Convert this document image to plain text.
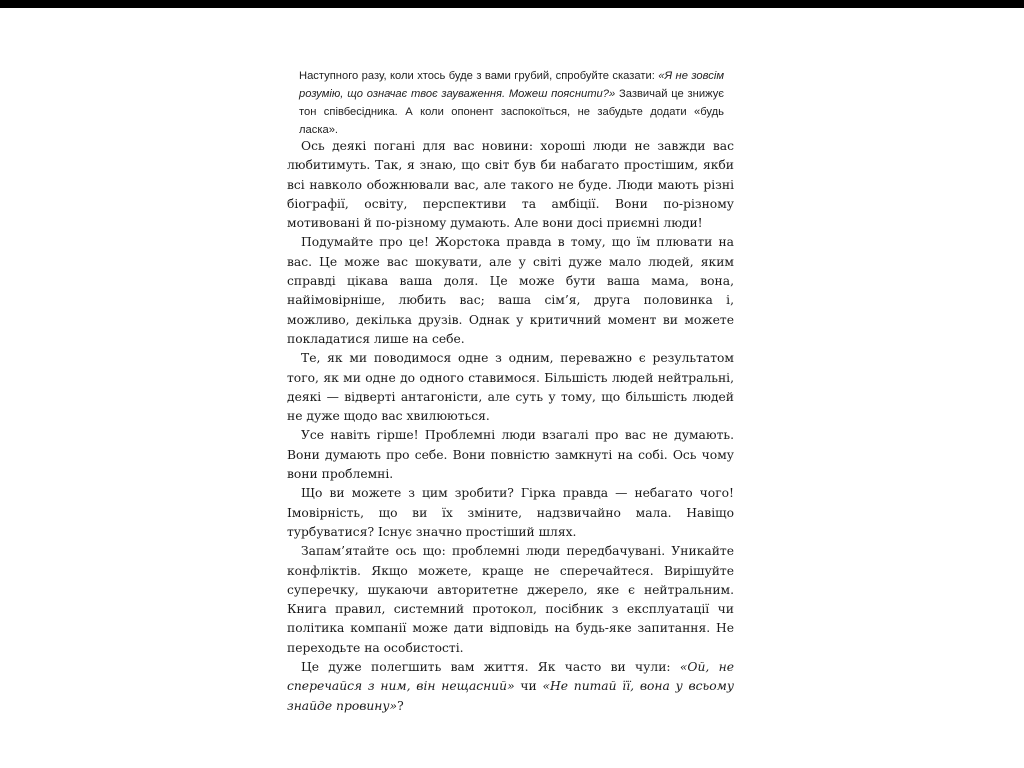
Наступного разу, коли хтось буде з вами грубий, спробуйте сказати: «Я не зовсім розумію, що означає твоє зауваження. Можеш пояснити?» Зазвичай це знижує тон співбесідника. А коли опонент заспокоїться, не забудьте додати «будь ласка».

Ось деякі погані для вас новини: хороші люди не завжди вас любитимуть. Так, я знаю, що світ був би набагато простішим, якби всі навколо обожнювали вас, але такого не буде. Люди мають різні біографії, освіту, перспективи та амбіції. Вони по-різному мотивовані й по-різному думають. Але вони досі приємні люди!

Подумайте про це! Жорстока правда в тому, що їм плювати на вас. Це може вас шокувати, але у світі дуже мало людей, яким справді цікава ваша доля. Це може бути ваша мама, вона, найімовірніше, любить вас; ваша сім’я, друга половинка і, можливо, декілька друзів. Однак у критичний момент ви можете покладатися лише на себе.

Те, як ми поводимося одне з одним, переважно є результатом того, як ми одне до одного ставимося. Більшість людей нейтральні, деякі — відверті антагоністи, але суть у тому, що більшість людей не дуже щодо вас хвилюються.

Усе навіть гірше! Проблемні люди взагалі про вас не думають. Вони думають про себе. Вони повністю замкнуті на собі. Ось чому вони проблемні.

Що ви можете з цим зробити? Гірка правда — небагато чого! Імовірність, що ви їх зміните, надзвичайно мала. Навіщо турбуватися? Існує значно простіший шлях.

Запам’ятайте ось що: проблемні люди передбачувані. Уникайте конфліктів. Якщо можете, краще не сперечайтеся. Вирішуйте суперечку, шукаючи авторитетне джерело, яке є нейтральним. Книга правил, системний протокол, посібник з експлуатації чи політика компанії може дати відповідь на будь-яке запитання. Не переходьте на особистості.

Це дуже полегшить вам життя. Як часто ви чули: «Ой, не сперечайся з ним, він нещасний» чи «Не питай її, вона у всьому знайде провину»?
